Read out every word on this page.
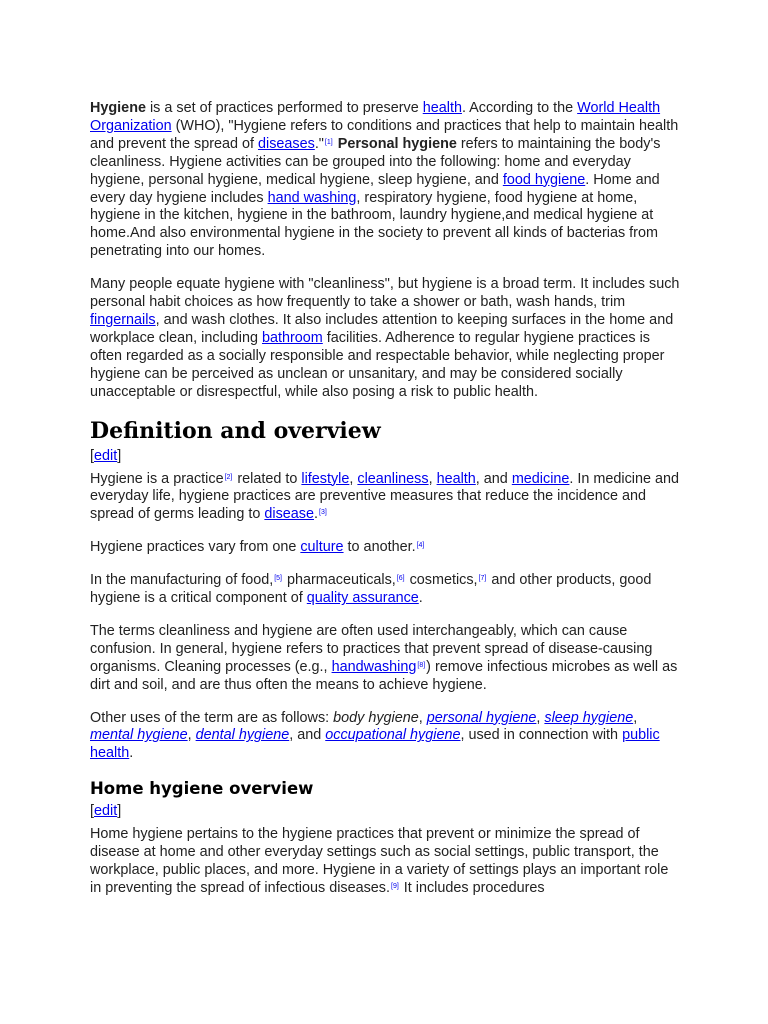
Hygiene is a set of practices performed to preserve health. According to the World Health Organization (WHO), "Hygiene refers to conditions and practices that help to maintain health and prevent the spread of diseases."[1] Personal hygiene refers to maintaining the body's cleanliness. Hygiene activities can be grouped into the following: home and everyday hygiene, personal hygiene, medical hygiene, sleep hygiene, and food hygiene. Home and every day hygiene includes hand washing, respiratory hygiene, food hygiene at home, hygiene in the kitchen, hygiene in the bathroom, laundry hygiene,and medical hygiene at home.And also environmental hygiene in the society to prevent all kinds of bacterias from penetrating into our homes.

Many people equate hygiene with "cleanliness", but hygiene is a broad term. It includes such personal habit choices as how frequently to take a shower or bath, wash hands, trim fingernails, and wash clothes. It also includes attention to keeping surfaces in the home and workplace clean, including bathroom facilities. Adherence to regular hygiene practices is often regarded as a socially responsible and respectable behavior, while neglecting proper hygiene can be perceived as unclean or unsanitary, and may be considered socially unacceptable or disrespectful, while also posing a risk to public health.

Definition and overview
[edit]

Hygiene is a practice[2] related to lifestyle, cleanliness, health, and medicine. In medicine and everyday life, hygiene practices are preventive measures that reduce the incidence and spread of germs leading to disease.[3]

Hygiene practices vary from one culture to another.[4]

In the manufacturing of food,[5] pharmaceuticals,[6] cosmetics,[7] and other products, good hygiene is a critical component of quality assurance.

The terms cleanliness and hygiene are often used interchangeably, which can cause confusion. In general, hygiene refers to practices that prevent spread of disease-causing organisms. Cleaning processes (e.g., handwashing[8]) remove infectious microbes as well as dirt and soil, and are thus often the means to achieve hygiene.

Other uses of the term are as follows: body hygiene, personal hygiene, sleep hygiene, mental hygiene, dental hygiene, and occupational hygiene, used in connection with public health.

Home hygiene overview
[edit]

Home hygiene pertains to the hygiene practices that prevent or minimize the spread of disease at home and other everyday settings such as social settings, public transport, the workplace, public places, and more. Hygiene in a variety of settings plays an important role in preventing the spread of infectious diseases.[9] It includes procedures
